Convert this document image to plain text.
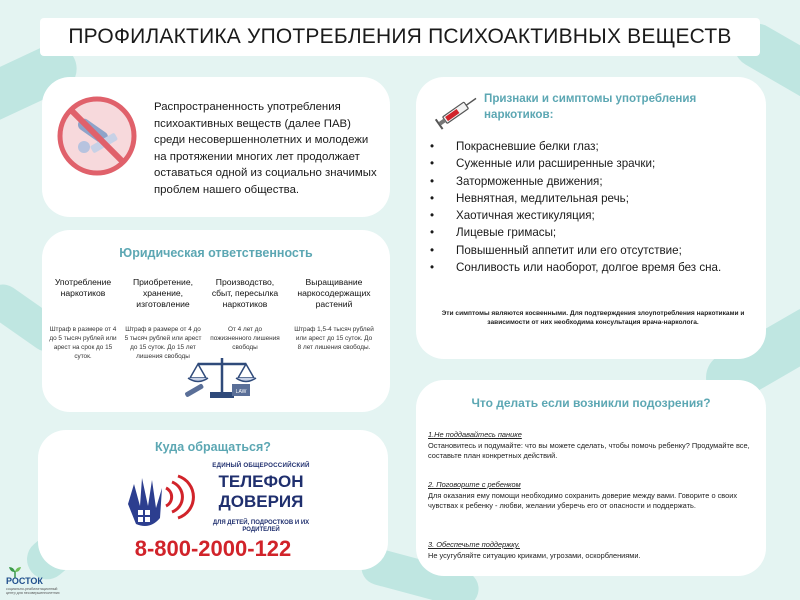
ПРОФИЛАКТИКА УПОТРЕБЛЕНИЯ ПСИХОАКТИВНЫХ ВЕЩЕСТВ
Распространенность употребления психоактивных веществ (далее ПАВ) среди несовершеннолетних и молодежи на протяжении многих лет продолжает оставаться одной из социально значимых проблем нашего общества.
Юридическая ответственность
Употребление наркотиков
Штраф в размере от 4 до 5 тысяч рублей или арест на срок до 15 суток.
Приобретение, хранение, изготовление
Штраф в размере от 4 до 5 тысяч рублей или арест до 15 суток. До 15 лет лишения свободы
Производство, сбыт, пересылка наркотиков
От 4 лет до пожизненного лишения свободы
Выращивание наркосодержащих растений
Штраф 1,5-4 тысяч рублей или арест до 15 суток. До 8 лет лишения свободы.
LAW
Куда обращаться?
ЕДИНЫЙ ОБЩЕРОССИЙСКИЙ
ТЕЛЕФОН
ДОВЕРИЯ
ДЛЯ ДЕТЕЙ, ПОДРОСТКОВ И ИХ РОДИТЕЛЕЙ
8-800-2000-122
Признаки и симптомы употребления наркотиков:
• Покрасневшие белки глаз;
• Суженные или расширенные зрачки;
• Заторможенные движения;
• Невнятная, медлительная речь;
• Хаотичная жестикуляция;
• Лицевые гримасы;
• Повышенный аппетит или его отсутствие;
• Сонливость или наоборот, долгое время без сна.
Эти симптомы являются косвенными. Для подтверждения злоупотребления наркотиками и зависимости от них необходима консультация врача-нарколога.
Что делать если возникли подозрения?
1.Не поддавайтесь панике
Остановитесь и подумайте: что вы можете сделать, чтобы помочь ребенку? Продумайте все, составьте план конкретных действий.
2. Поговорите с ребенком
Для оказания ему помощи необходимо сохранить доверие между вами. Говорите о своих чувствах к ребенку - любви, желании уберечь его от опасности и поддержать.
3. Обеспечьте поддержку.
Не усугубляйте ситуацию криками, угрозами, оскорблениями.
РОСТОК
социально-реабилитационный центр для несовершеннолетних
